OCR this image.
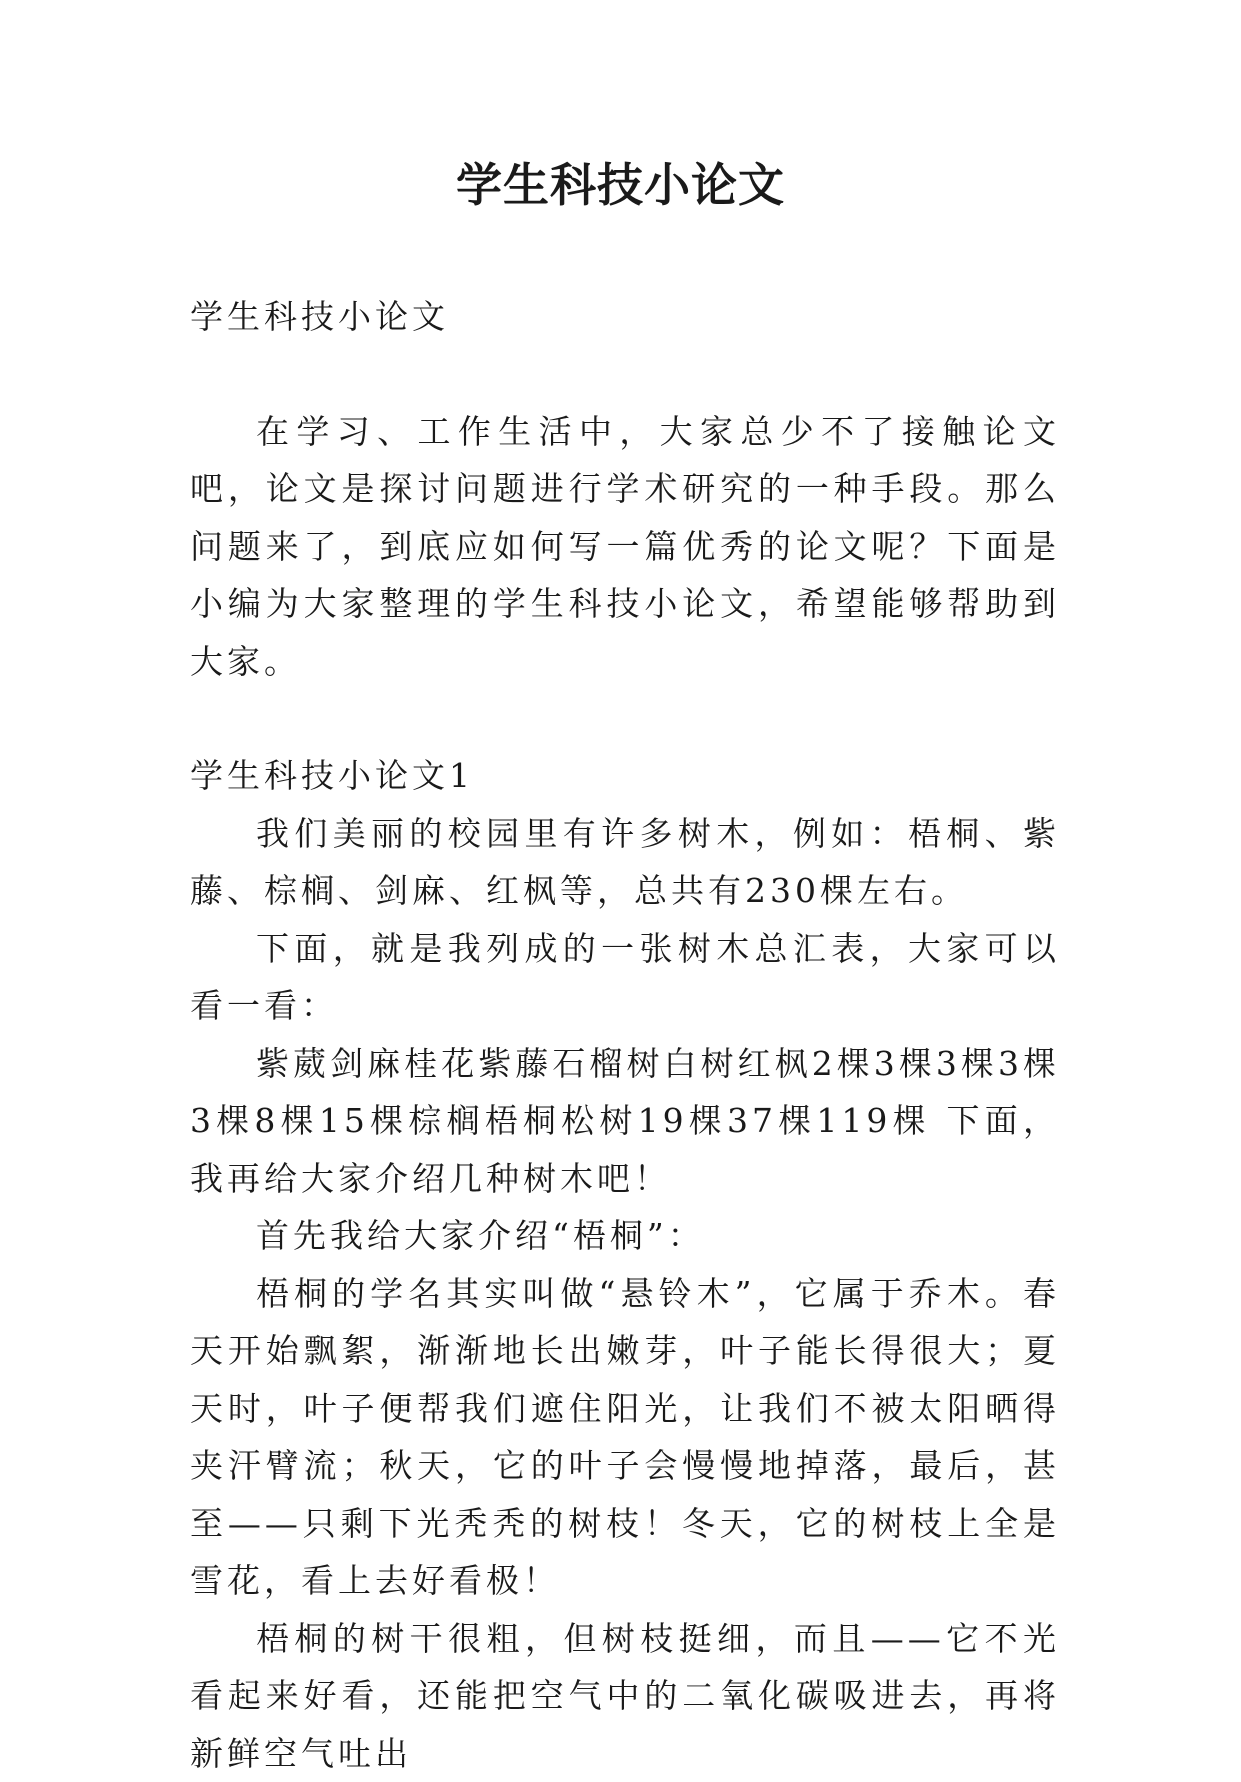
学生科技小论文

学生科技小论文

在学习、工作生活中，大家总少不了接触论文吧，论文是探讨问题进行学术研究的一种手段。那么问题来了，到底应如何写一篇优秀的论文呢？下面是小编为大家整理的学生科技小论文，希望能够帮助到大家。

学生科技小论文1

我们美丽的校园里有许多树木，例如：梧桐、紫藤、棕榈、剑麻、红枫等，总共有230棵左右。

下面，就是我列成的一张树木总汇表，大家可以看一看：

紫葳剑麻桂花紫藤石榴树白树红枫2棵3棵3棵3棵3棵8棵15棵棕榈梧桐松树19棵37棵119棵 下面，我再给大家介绍几种树木吧！

首先我给大家介绍“梧桐”：

梧桐的学名其实叫做“悬铃木”，它属于乔木。春天开始飘絮，渐渐地长出嫩芽，叶子能长得很大；夏天时，叶子便帮我们遮住阳光，让我们不被太阳晒得夹汗臂流；秋天，它的叶子会慢慢地掉落，最后，甚至——只剩下光秃秃的树枝！冬天，它的树枝上全是雪花，看上去好看极！

梧桐的树干很粗，但树枝挺细，而且——它不光看起来好看，还能把空气中的二氧化碳吸进去，再将新鲜空气吐出
